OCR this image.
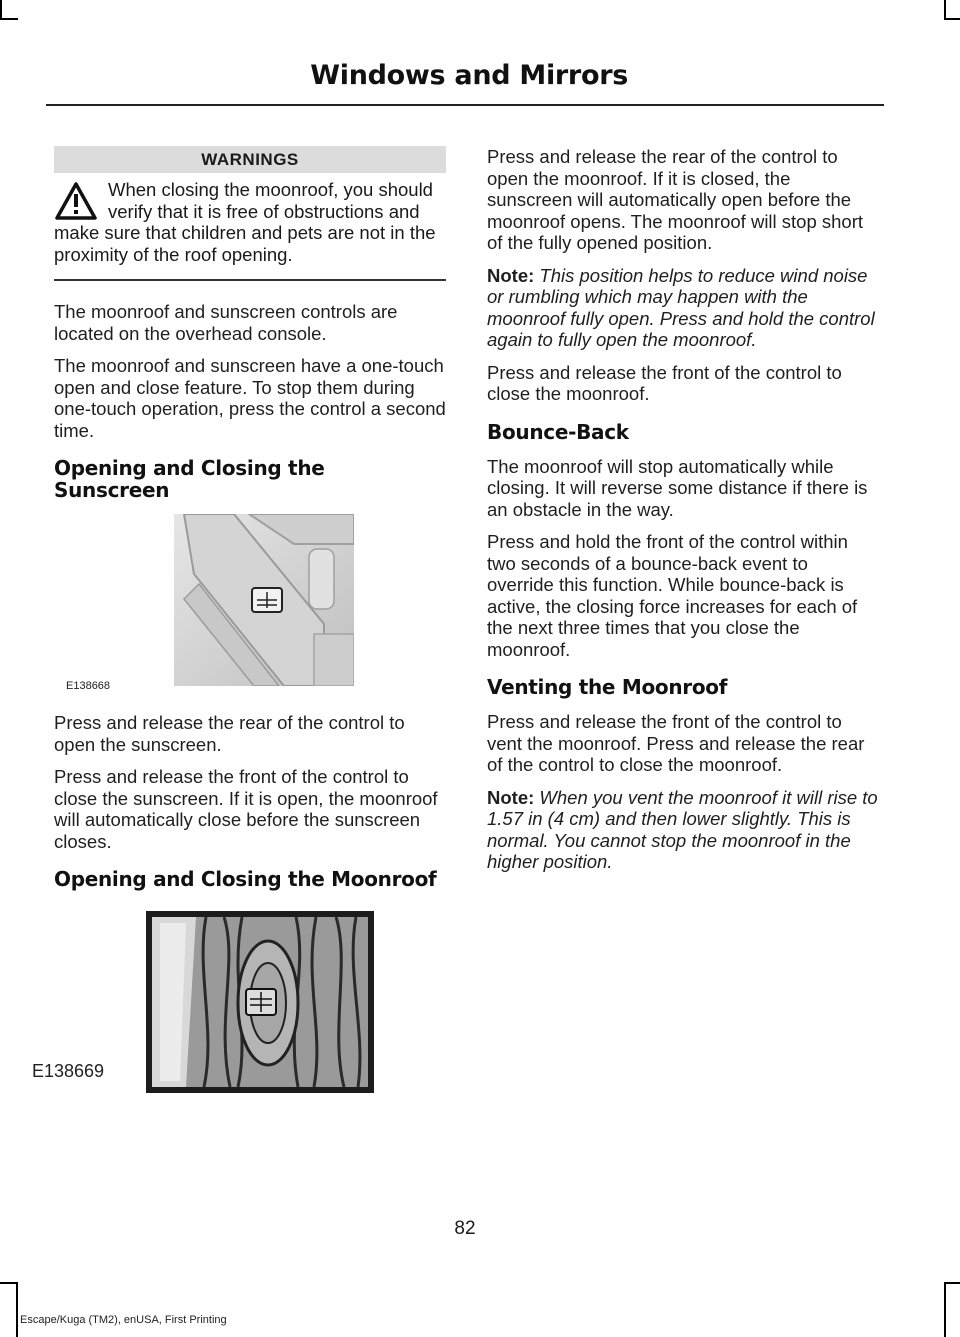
Windows and Mirrors
WARNINGS
When closing the moonroof, you should verify that it is free of obstructions and make sure that children and pets are not in the proximity of the roof opening.

The moonroof and sunscreen controls are located on the overhead console.

The moonroof and sunscreen have a one-touch open and close feature. To stop them during one-touch operation, press the control a second time.

Opening and Closing the Sunscreen
E138668

Press and release the rear of the control to open the sunscreen.

Press and release the front of the control to close the sunscreen. If it is open, the moonroof will automatically close before the sunscreen closes.

Opening and Closing the Moonroof
E138669

Press and release the rear of the control to open the moonroof. If it is closed, the sunscreen will automatically open before the moonroof opens. The moonroof will stop short of the fully opened position.

Note: This position helps to reduce wind noise or rumbling which may happen with the moonroof fully open. Press and hold the control again to fully open the moonroof.

Press and release the front of the control to close the moonroof.

Bounce-Back

The moonroof will stop automatically while closing. It will reverse some distance if there is an obstacle in the way.

Press and hold the front of the control within two seconds of a bounce-back event to override this function. While bounce-back is active, the closing force increases for each of the next three times that you close the moonroof.

Venting the Moonroof

Press and release the front of the control to vent the moonroof. Press and release the rear of the control to close the moonroof.

Note: When you vent the moonroof it will rise to 1.57 in (4 cm) and then lower slightly. This is normal. You cannot stop the moonroof in the higher position.

82
Escape/Kuga (TM2), enUSA, First Printing
